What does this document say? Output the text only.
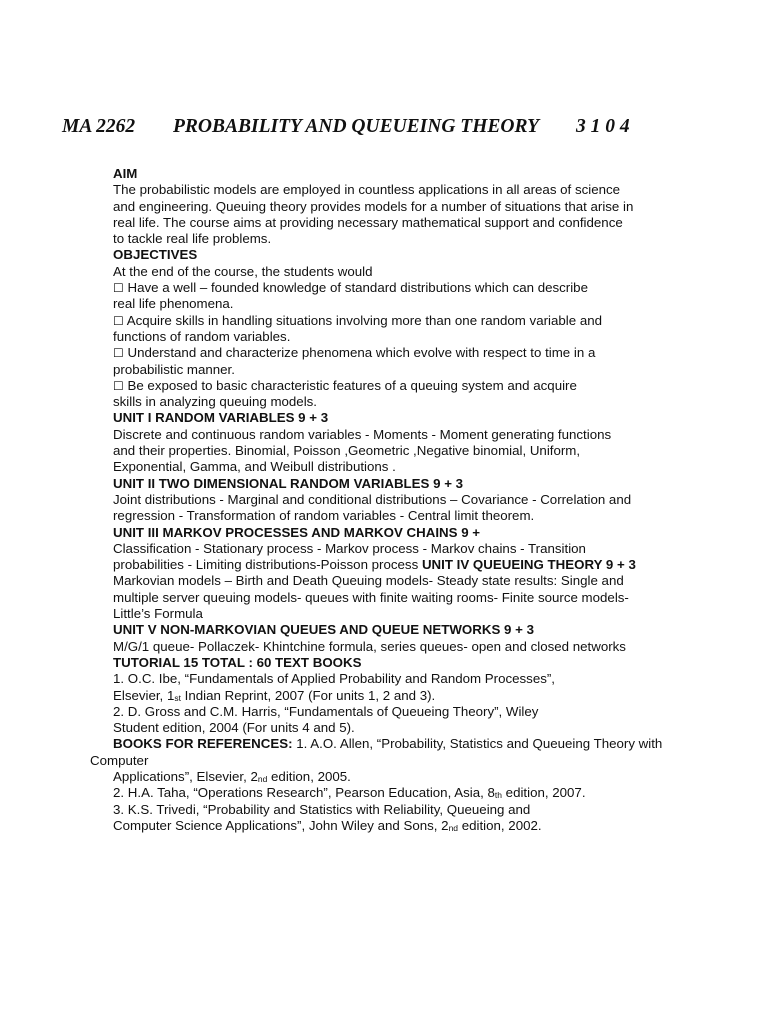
MA 2262

PROBABILITY AND QUEUEING THEORY

3 1 0 4

AIM
The probabilistic models are employed in countless applications in all areas of science
and engineering. Queuing theory provides models for a number of situations that arise in
real life. The course aims at providing necessary mathematical support and confidence
to tackle real life problems.
OBJECTIVES
At the end of the course, the students would
☐ Have a well – founded knowledge of standard distributions which can describe
real life phenomena.
☐ Acquire skills in handling situations involving more than one random variable and
functions of random variables.
☐ Understand and characterize phenomena which evolve with respect to time in a
probabilistic manner.
☐ Be exposed to basic characteristic features of a queuing system and acquire
skills in analyzing queuing models.
UNIT I RANDOM VARIABLES 9 + 3
Discrete and continuous random variables - Moments - Moment generating functions
and their properties. Binomial, Poisson ,Geometric ,Negative binomial, Uniform,
Exponential, Gamma, and Weibull distributions .
UNIT II TWO DIMENSIONAL RANDOM VARIABLES 9 + 3
Joint distributions - Marginal and conditional distributions – Covariance - Correlation and
regression - Transformation of random variables - Central limit theorem.
UNIT III MARKOV PROCESSES AND MARKOV CHAINS 9 +
Classification - Stationary process - Markov process - Markov chains - Transition
probabilities - Limiting distributions-Poisson process UNIT IV QUEUEING THEORY 9 + 3
Markovian models – Birth and Death Queuing models- Steady state results: Single and
multiple server queuing models- queues with finite waiting rooms- Finite source models-
Little’s Formula
UNIT V NON-MARKOVIAN QUEUES AND QUEUE NETWORKS 9 + 3
M/G/1 queue- Pollaczek- Khintchine formula, series queues- open and closed networks
TUTORIAL 15 TOTAL : 60 TEXT BOOKS
1. O.C. Ibe, “Fundamentals of Applied Probability and Random Processes”,
Elsevier, $1_{st}$ Indian Reprint, 2007 (For units 1, 2 and 3).
2. D. Gross and C.M. Harris, “Fundamentals of Queueing Theory”, Wiley
Student edition, 2004 (For units 4 and 5).
BOOKS FOR REFERENCES: 1. A.O. Allen, “Probability, Statistics and Queueing Theory with
Computer
Applications”, Elsevier, $2_{nd}$ edition, 2005.
2. H.A. Taha, “Operations Research”, Pearson Education, Asia, $8_{th}$ edition, 2007.
3. K.S. Trivedi, “Probability and Statistics with Reliability, Queueing and
Computer Science Applications”, John Wiley and Sons, $2_{nd}$ edition, 2002.
